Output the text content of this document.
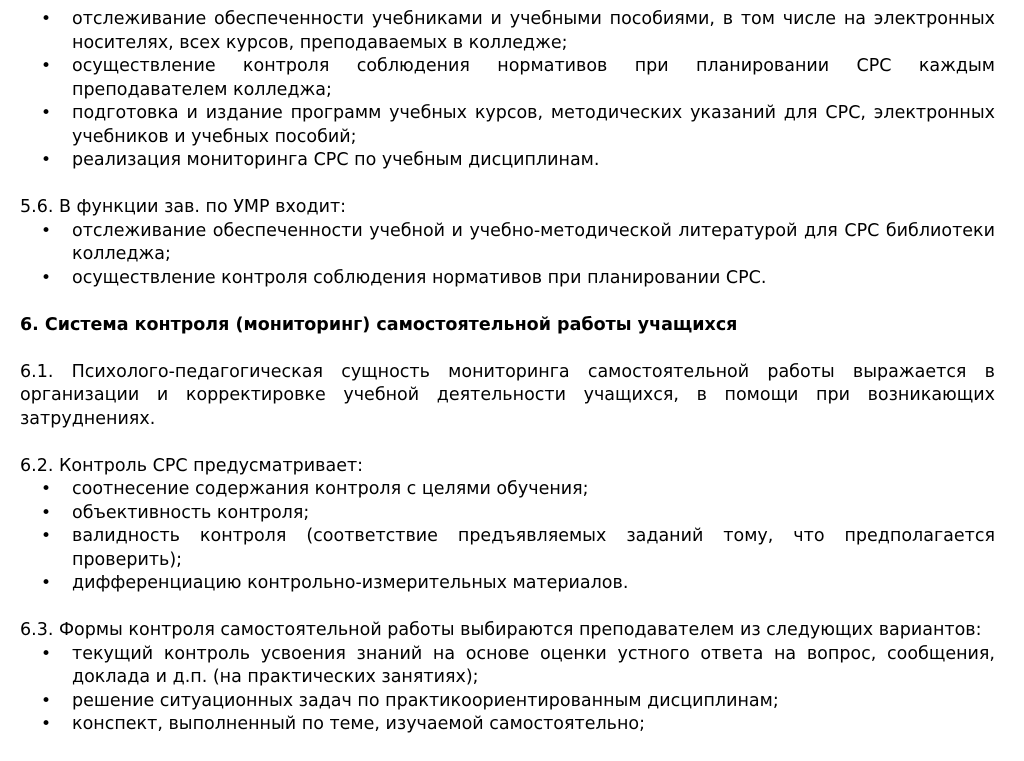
• отслеживание обеспеченности учебниками и учебными пособиями, в том числе на электронных носителях, всех курсов, преподаваемых в колледже;
• осуществление контроля соблюдения нормативов при планировании СРС каждым преподавателем колледжа;
• подготовка и издание программ учебных курсов, методических указаний для СРС, электронных учебников и учебных пособий;
• реализация мониторинга СРС по учебным дисциплинам.

5.6. В функции зав. по УМР входит:

• отслеживание обеспеченности учебной и учебно-методической литературой для СРС библиотеки колледжа;
• осуществление контроля соблюдения нормативов при планировании СРС.

6. Система контроля (мониторинг) самостоятельной работы учащихся

6.1. Психолого-педагогическая сущность мониторинга самостоятельной работы выражается в организации и корректировке учебной деятельности учащихся, в помощи при возникающих затруднениях.

6.2. Контроль СРС предусматривает:

• соотнесение содержания контроля с целями обучения;
• объективность контроля;
• валидность контроля (соответствие предъявляемых заданий тому, что предполагается проверить);
• дифференциацию контрольно-измерительных материалов.

6.3. Формы контроля самостоятельной работы выбираются преподавателем из следующих вариантов:

• текущий контроль усвоения знаний на основе оценки устного ответа на вопрос, сообщения, доклада и д.п. (на практических занятиях);
• решение ситуационных задач по практикоориентированным дисциплинам;
• конспект, выполненный по теме, изучаемой самостоятельно;
